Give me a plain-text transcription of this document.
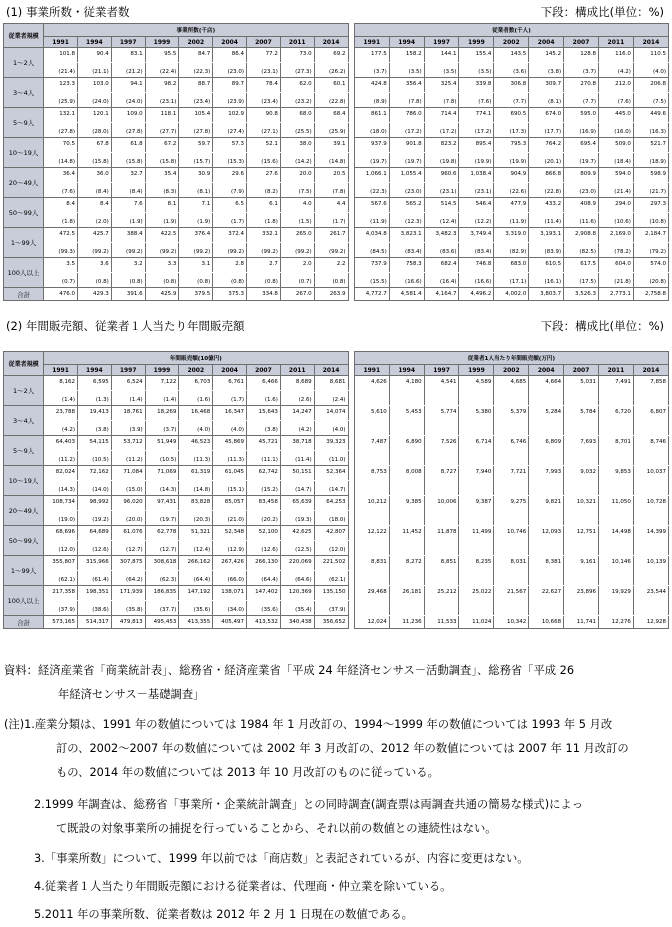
(1) 事業所数・従業者数	下段：構成比(単位：%)
従業者規模	事業所数(千店)										従業者数(千人)								
	1991	1994	1997	1999	2002	2004	2007	2011	2014		1991	1994	1997	1999	2002	2004	2007	2011	2014
1～2人	101.8	90.4	83.1	95.5	84.7	86.4	77.2	73.0	69.2		177.5	158.2	144.1	155.4	143.5	145.2	128.8	116.0	110.5
	(21.4)	(21.1)	(21.2)	(22.4)	(22.3)	(23.0)	(23.1)	(27.3)	(26.2)		(3.7)	(3.5)	(3.5)	(3.5)	(3.6)	(3.8)	(3.7)	(4.2)	(4.0)
3～4人	123.3	103.0	94.1	98.2	88.7	89.7	78.4	62.0	60.1		424.8	356.4	325.4	339.8	306.8	309.7	270.8	212.0	206.8
	(25.9)	(24.0)	(24.0)	(23.1)	(23.4)	(23.9)	(23.4)	(23.2)	(22.8)		(8.9)	(7.8)	(7.8)	(7.6)	(7.7)	(8.1)	(7.7)	(7.6)	(7.5)
5～9人	132.1	120.1	109.0	118.1	105.4	102.9	90.8	68.0	68.4		861.1	786.0	714.4	774.1	690.5	674.0	595.0	445.0	449.6
	(27.8)	(28.0)	(27.8)	(27.7)	(27.8)	(27.4)	(27.1)	(25.5)	(25.9)		(18.0)	(17.2)	(17.2)	(17.2)	(17.3)	(17.7)	(16.9)	(16.0)	(16.3)
10～19人	70.5	67.8	61.8	67.2	59.7	57.3	52.1	38.0	39.1		937.9	901.8	823.2	895.4	795.3	764.2	695.4	509.0	521.7
	(14.8)	(15.8)	(15.8)	(15.8)	(15.7)	(15.3)	(15.6)	(14.2)	(14.8)		(19.7)	(19.7)	(19.8)	(19.9)	(19.9)	(20.1)	(19.7)	(18.4)	(18.9)
20～49人	36.4	36.0	32.7	35.4	30.9	29.6	27.6	20.0	20.5		1,066.1	1,055.4	960.6	1,038.4	904.9	866.8	809.9	594.0	598.9
	(7.6)	(8.4)	(8.4)	(8.3)	(8.1)	(7.9)	(8.2)	(7.5)	(7.8)		(22.3)	(23.0)	(23.1)	(23.1)	(22.6)	(22.8)	(23.0)	(21.4)	(21.7)
50～99人	8.4	8.4	7.6	8.1	7.1	6.5	6.1	4.0	4.4		567.6	565.2	514.5	546.4	477.9	433.2	408.9	294.0	297.3
	(1.8)	(2.0)	(1.9)	(1.9)	(1.9)	(1.7)	(1.8)	(1.5)	(1.7)		(11.9)	(12.3)	(12.4)	(12.2)	(11.9)	(11.4)	(11.6)	(10.6)	(10.8)
1～99人	472.5	425.7	388.4	422.5	376.4	372.4	332.1	265.0	261.7		4,034.8	3,823.1	3,482.3	3,749.4	3,319.0	3,193.1	2,908.8	2,169.0	2,184.7
	(99.3)	(99.2)	(99.2)	(99.2)	(99.2)	(99.2)	(99.2)	(99.2)	(99.2)		(84.5)	(83.4)	(83.6)	(83.4)	(82.9)	(83.9)	(82.5)	(78.2)	(79.2)
100人以上	3.5	3.6	3.2	3.3	3.1	2.8	2.7	2.0	2.2		737.9	758.3	682.4	746.8	683.0	610.5	617.5	604.0	574.0
	(0.7)	(0.8)	(0.8)	(0.8)	(0.8)	(0.8)	(0.8)	(0.7)	(0.8)		(15.5)	(16.6)	(16.4)	(16.6)	(17.1)	(16.1)	(17.5)	(21.8)	(20.8)
合計	476.0	429.3	391.6	425.9	379.5	375.3	334.8	267.0	263.9		4,772.7	4,581.4	4,164.7	4,496.2	4,002.0	3,803.7	3,526.3	2,773.1	2,758.8
(2) 年間販売額、従業者１人当たり年間販売額	下段：構成比(単位：%)
従業者規模	年間販売額(10億円)										従業者1人当たり年間販売額(万円)								
	1991	1994	1997	1999	2002	2004	2007	2011	2014		1991	1994	1997	1999	2002	2004	2007	2011	2014
1～2人	8,162	6,595	6,524	7,122	6,703	6,761	6,466	8,689	8,681		4,626	4,180	4,541	4,589	4,685	4,664	5,031	7,491	7,858
	(1.4)	(1.3)	(1.4)	(1.4)	(1.6)	(1.7)	(1.6)	(2.6)	(2.4)										
3～4人	23,788	19,413	18,761	18,269	16,468	16,347	15,643	14,247	14,074		5,610	5,453	5,774	5,380	5,379	5,284	5,784	6,720	6,807
	(4.2)	(3.8)	(3.9)	(3.7)	(4.0)	(4.0)	(3.8)	(4.2)	(4.0)										
5～9人	64,403	54,115	53,712	51,949	46,523	45,869	45,721	38,718	39,323		7,487	6,890	7,526	6,714	6,746	6,809	7,693	8,701	8,746
	(11.2)	(10.5)	(11.2)	(10.5)	(11.3)	(11.3)	(11.1)	(11.4)	(11.0)										
10～19人	82,024	72,162	71,084	71,069	61,319	61,045	62,742	50,151	52,364		8,753	8,008	8,727	7,940	7,721	7,993	9,032	9,853	10,037
	(14.3)	(14.0)	(15.0)	(14.3)	(14.8)	(15.1)	(15.2)	(14.7)	(14.7)										
20～49人	108,734	98,992	96,020	97,431	83,828	85,057	83,458	65,639	64,253		10,212	9,385	10,006	9,387	9,275	9,821	10,321	11,050	10,728
	(19.0)	(19.2)	(20.0)	(19.7)	(20.3)	(21.0)	(20.2)	(19.3)	(18.0)										
50～99人	68,696	64,689	61,076	62,778	51,321	52,348	52,100	42,625	42,807		12,122	11,452	11,878	11,499	10,746	12,093	12,751	14,498	14,399
	(12.0)	(12.6)	(12.7)	(12.7)	(12.4)	(12.9)	(12.6)	(12.5)	(12.0)										
1～99人	355,807	315,966	307,875	308,618	266,162	267,426	266,130	220,069	221,502		8,831	8,272	8,851	8,235	8,031	8,381	9,161	10,146	10,139
	(62.1)	(61.4)	(64.2)	(62.3)	(64.4)	(66.0)	(64.4)	(64.6)	(62.1)										
100人以上	217,358	198,351	171,939	186,835	147,192	138,071	147,402	120,369	135,150		29,468	26,181	25,212	25,022	21,567	22,627	23,896	19,929	23,544
	(37.9)	(38.6)	(35.8)	(37.7)	(35.6)	(34.0)	(35.6)	(35.4)	(37.9)										
合計	573,165	514,317	479,813	495,453	413,355	405,497	413,532	340,438	356,652		12,024	11,236	11,533	11,024	10,342	10,668	11,741	12,276	12,928
資料：経済産業省「商業統計表」、総務省・経済産業省「平成 24 年経済センサス－活動調査」、総務省「平成 26
年経済センサス－基礎調査」
(注)1.産業分類は、1991 年の数値については 1984 年 1 月改訂の、1994～1999 年の数値については 1993 年 5 月改
訂の、2002～2007 年の数値については 2002 年 3 月改訂の、2012 年の数値については 2007 年 11 月改訂の
もの、2014 年の数値については 2013 年 10 月改訂のものに従っている。
2.1999 年調査は、総務省「事業所・企業統計調査」との同時調査(調査票は両調査共通の簡易な様式)によっ
て既設の対象事業所の捕捉を行っていることから、それ以前の数値との連続性はない。
3.「事業所数」について、1999 年以前では「商店数」と表記されているが、内容に変更はない。
4.従業者１人当たり年間販売額における従業者は、代理商・仲立業を除いている。
5.2011 年の事業所数、従業者数は 2012 年 2 月 1 日現在の数値である。
